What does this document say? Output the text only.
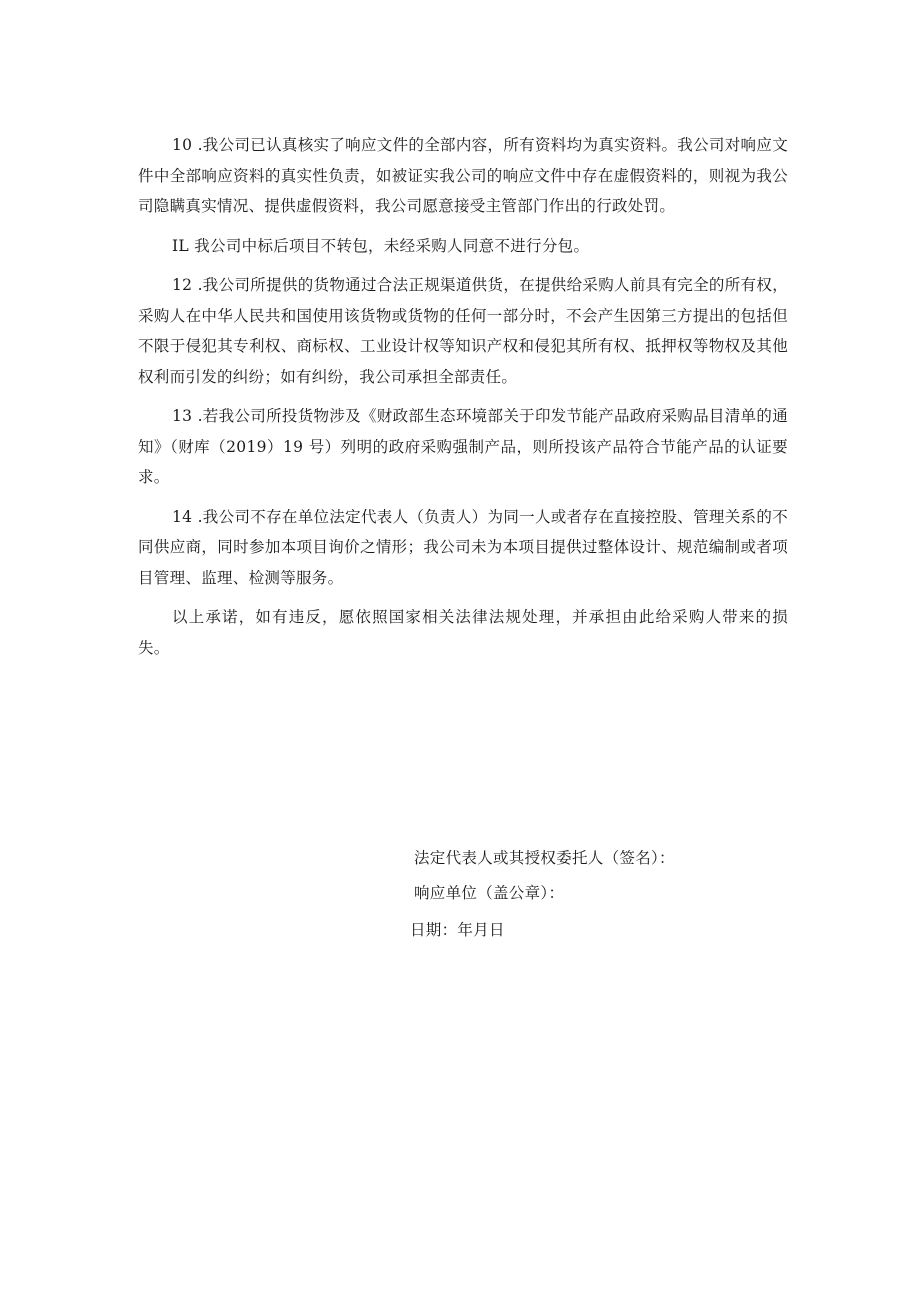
10 .我公司已认真核实了响应文件的全部内容，所有资料均为真实资料。我公司对响应文件中全部响应资料的真实性负责，如被证实我公司的响应文件中存在虚假资料的，则视为我公司隐瞒真实情况、提供虚假资料，我公司愿意接受主管部门作出的行政处罚。

IL 我公司中标后项目不转包，未经采购人同意不进行分包。

12 .我公司所提供的货物通过合法正规渠道供货，在提供给采购人前具有完全的所有权，采购人在中华人民共和国使用该货物或货物的任何一部分时，不会产生因第三方提出的包括但不限于侵犯其专利权、商标权、工业设计权等知识产权和侵犯其所有权、抵押权等物权及其他权利而引发的纠纷；如有纠纷，我公司承担全部责任。

13 .若我公司所投货物涉及《财政部生态环境部关于印发节能产品政府采购品目清单的通知》（财库（2019）19 号）列明的政府采购强制产品，则所投该产品符合节能产品的认证要求。

14 .我公司不存在单位法定代表人（负责人）为同一人或者存在直接控股、管理关系的不同供应商，同时参加本项目询价之情形；我公司未为本项目提供过整体设计、规范编制或者项目管理、监理、检测等服务。

以上承诺，如有违反，愿依照国家相关法律法规处理，并承担由此给采购人带来的损失。

法定代表人或其授权委托人（签名）：
响应单位（盖公章）：
日期：年月日
